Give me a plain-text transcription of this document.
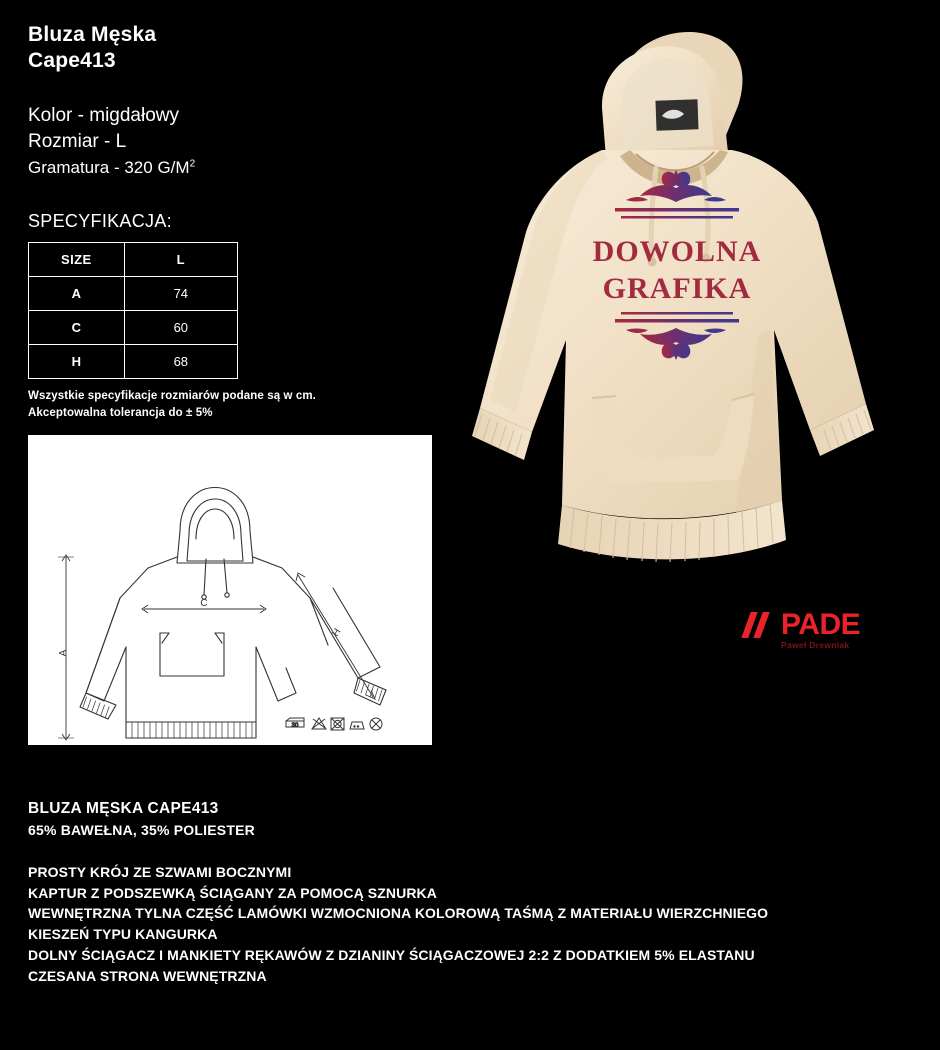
Bluza Męska
Cape413
Kolor - migdałowy
Rozmiar - L
Gramatura - 320 $G/M^2$
SPECYFIKACJA:
SIZE	L
A	74
C	60
H	68
Wszystkie specyfikacje rozmiarów podane są w cm.
Akceptowalna tolerancja do ± 5%
A
C
H
30
DOWOLNA
GRAFIKA
PADE
Paweł Drewniak
BLUZA MĘSKA CAPE413
65% BAWEŁNA, 35% POLIESTER
PROSTY KRÓJ ZE SZWAMI BOCZNYMI
KAPTUR Z PODSZEWKĄ ŚCIĄGANY ZA POMOCĄ SZNURKA
WEWNĘTRZNA TYLNA CZĘŚĆ LAMÓWKI WZMOCNIONA KOLOROWĄ TAŚMĄ Z MATERIAŁU WIERZCHNIEGO
KIESZEŃ TYPU KANGURKA
DOLNY ŚCIĄGACZ I MANKIETY RĘKAWÓW Z DZIANINY ŚCIĄGACZOWEJ 2:2 Z DODATKIEM 5% ELASTANU
CZESANA STRONA WEWNĘTRZNA
